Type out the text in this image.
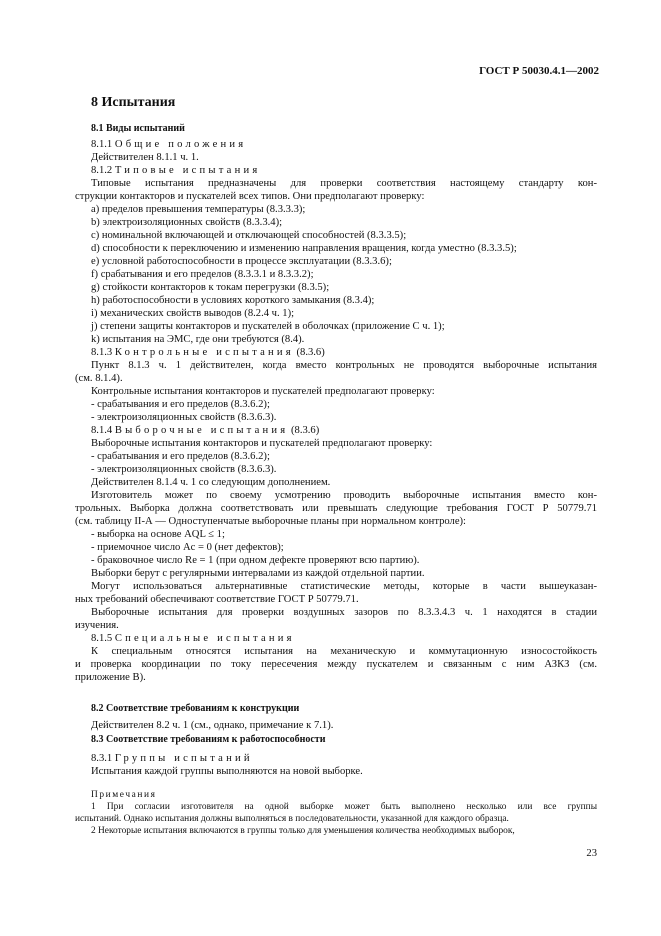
ГОСТ Р 50030.4.1—2002
8 Испытания
8.1 Виды испытаний
8.1.1 Общие положения
Действителен 8.1.1 ч. 1.
8.1.2 Типовые испытания
Типовые испытания предназначены для проверки соответствия настоящему стандарту кон-
струкции контакторов и пускателей всех типов. Они предполагают проверку:
a) пределов превышения температуры (8.3.3.3);
b) электроизоляционных свойств (8.3.3.4);
c) номинальной включающей и отключающей способностей (8.3.3.5);
d) способности к переключению и изменению направления вращения, когда уместно (8.3.3.5);
e) условной работоспособности в процессе эксплуатации (8.3.3.6);
f) срабатывания и его пределов (8.3.3.1 и 8.3.3.2);
g) стойкости контакторов к токам перегрузки (8.3.5);
h) работоспособности в условиях короткого замыкания (8.3.4);
i) механических свойств выводов (8.2.4 ч. 1);
j) степени защиты контакторов и пускателей в оболочках (приложение С ч. 1);
k) испытания на ЭМС, где они требуются (8.4).
8.1.3 Контрольные испытания (8.3.6)
Пункт 8.1.3 ч. 1 действителен, когда вместо контрольных не проводятся выборочные испытания
(см. 8.1.4).
Контрольные испытания контакторов и пускателей предполагают проверку:
- срабатывания и его пределов (8.3.6.2);
- электроизоляционных свойств (8.3.6.3).
8.1.4 Выборочные испытания (8.3.6)
Выборочные испытания контакторов и пускателей предполагают проверку:
- срабатывания и его пределов (8.3.6.2);
- электроизоляционных свойств (8.3.6.3).
Действителен 8.1.4 ч. 1 со следующим дополнением.
Изготовитель может по своему усмотрению проводить выборочные испытания вместо кон-
трольных. Выборка должна соответствовать или превышать следующие требования ГОСТ Р 50779.71
(см. таблицу II-А — Одноступенчатые выборочные планы при нормальном контроле):
- выборка на основе AQL ≤ 1;
- приемочное число Ac = 0 (нет дефектов);
- браковочное число Re = 1 (при одном дефекте проверяют всю партию).
Выборки берут с регулярными интервалами из каждой отдельной партии.
Могут использоваться альтернативные статистические методы, которые в части вышеуказан-
ных требований обеспечивают соответствие ГОСТ Р 50779.71.
Выборочные испытания для проверки воздушных зазоров по 8.3.3.4.3 ч. 1 находятся в стадии
изучения.
8.1.5 Специальные испытания
К специальным относятся испытания на механическую и коммутационную износостойкость
и проверка координации по току пересечения между пускателем и связанным с ним АЗКЗ (см.
приложение В).
8.2 Соответствие требованиям к конструкции
Действителен 8.2 ч. 1 (см., однако, примечание к 7.1).
8.3 Соответствие требованиям к работоспособности
8.3.1 Группы испытаний
Испытания каждой группы выполняются на новой выборке.
Примечания
1 При согласии изготовителя на одной выборке может быть выполнено несколько или все группы
испытаний. Однако испытания должны выполняться в последовательности, указанной для каждого образца.
2 Некоторые испытания включаются в группы только для уменьшения количества необходимых выборок,
23
